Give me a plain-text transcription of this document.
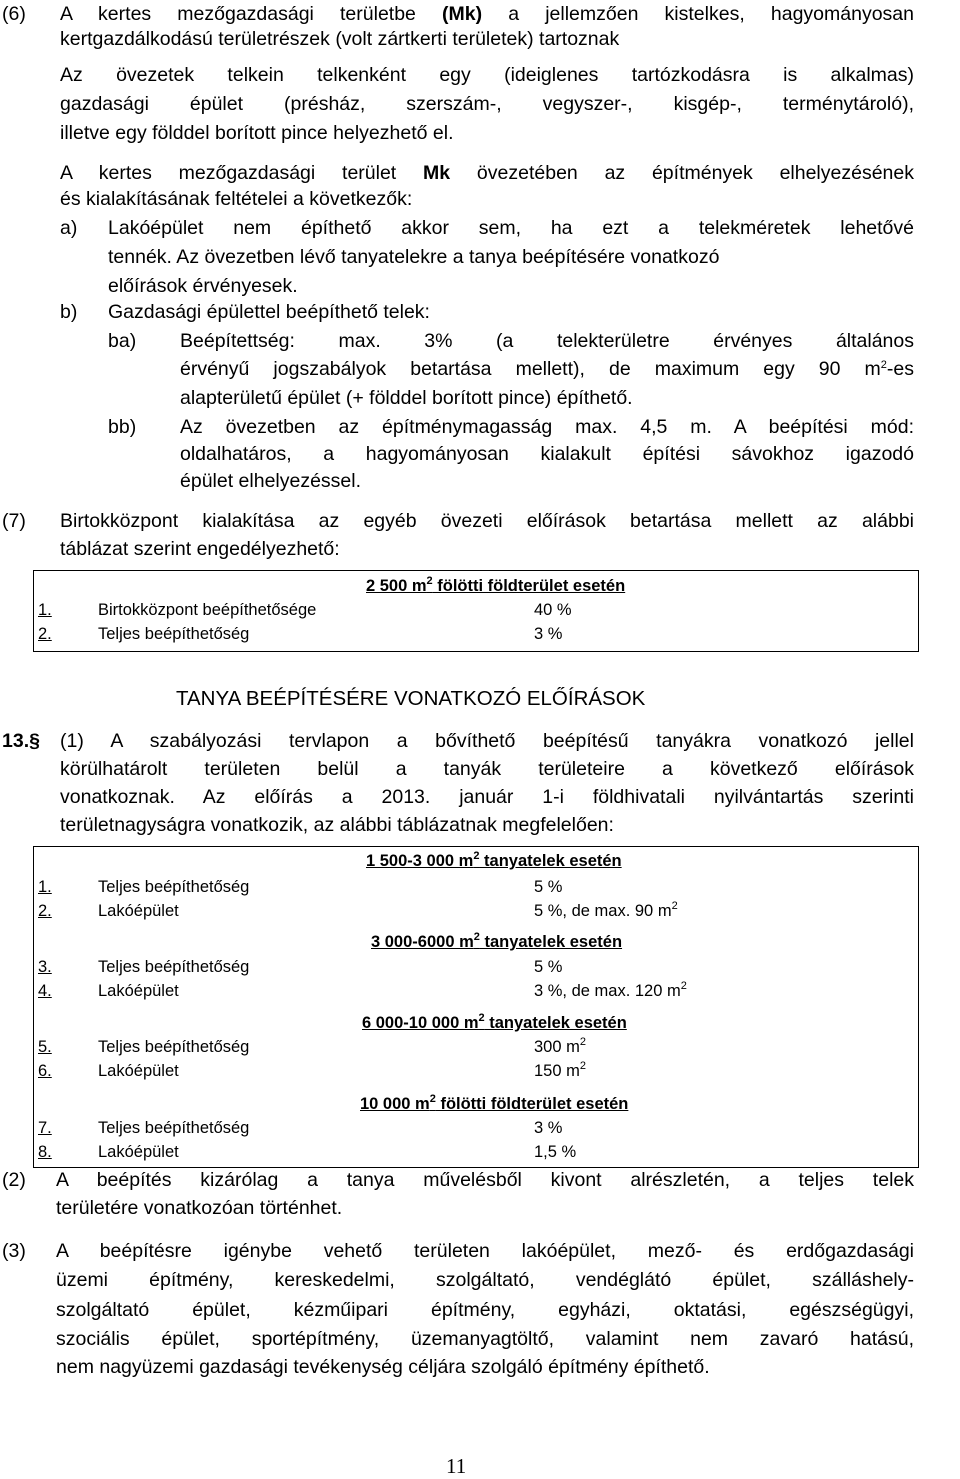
(6) A kertes mezőgazdasági területbe (Mk) a jellemzően kistelkes, hagyományosan
kertgazdálkodású területrészek (volt zártkerti területek) tartoznak
Az övezetek telkein telkenként egy (ideiglenes tartózkodásra is alkalmas)
gazdasági épület (présház, szerszám-, vegyszer-, kisgép-, terménytároló),
illetve egy földdel borított pince helyezhető el.
A kertes mezőgazdasági terület Mk övezetében az építmények elhelyezésének
és kialakításának feltételei a következők:
a) Lakóépület nem építhető akkor sem, ha ezt a telekméretek lehetővé
tennék. Az övezetben lévő tanyatelekre a tanya beépítésére vonatkozó
előírások érvényesek.
b) Gazdasági épülettel beépíthető telek:
ba) Beépítettség: max. 3% (a telekterületre érvényes általános
érvényű jogszabályok betartása mellett), de maximum egy 90 $m^2-es$
alapterületű épület (+ földdel borított pince) építhető.
bb) Az övezetben az építménymagasság max. 4,5 m. A beépítési mód:
oldalhatáros, a hagyományosan kialakult építési sávokhoz igazodó
épület elhelyezéssel.
(7) Birtokközpont kialakítása az egyéb övezeti előírások betartása mellett az alábbi
táblázat szerint engedélyezhető:
2 500 $m^2$ fölötti földterület esetén
1.	Birtokközpont beépíthetősége	40 %
2.	Teljes beépíthetőség	3 %
TANYA BEÉPÍTÉSÉRE VONATKOZÓ ELŐÍRÁSOK
13.§ (1) A szabályozási tervlapon a bővíthető beépítésű tanyákra vonatkozó jellel
körülhatárolt területen belül a tanyák területeire a következő előírások
vonatkoznak. Az előírás a 2013. január 1-i földhivatali nyilvántartás szerinti
területnagyságra vonatkozik, az alábbi táblázatnak megfelelően:
1 500-3 000 $m^2$ tanyatelek esetén
1.	Teljes beépíthetőség	5 %
2.	Lakóépület	5 %, de max. 90 $m^2$
3 000-6000 $m^2$ tanyatelek esetén
3.	Teljes beépíthetőség	5 %
4.	Lakóépület	3 %, de max. 120 $m^2$
6 000-10 000 $m^2$ tanyatelek esetén
5.	Teljes beépíthetőség	300 $m^2$
6.	Lakóépület	150 $m^2$
10 000 $m^2$ fölötti földterület esetén
7.	Teljes beépíthetőség	3 %
8.	Lakóépület	1,5 %
(2) A beépítés kizárólag a tanya művelésből kivont alrészletén, a teljes telek
területére vonatkozóan történhet.
(3) A beépítésre igénybe vehető területen lakóépület, mező- és erdőgazdasági
üzemi építmény, kereskedelmi, szolgáltató, vendéglátó épület, szálláshely-
szolgáltató épület, kézműipari építmény, egyházi, oktatási, egészségügyi,
szociális épület, sportépítmény, üzemanyagtöltő, valamint nem zavaró hatású,
nem nagyüzemi gazdasági tevékenység céljára szolgáló építmény építhető.
11
